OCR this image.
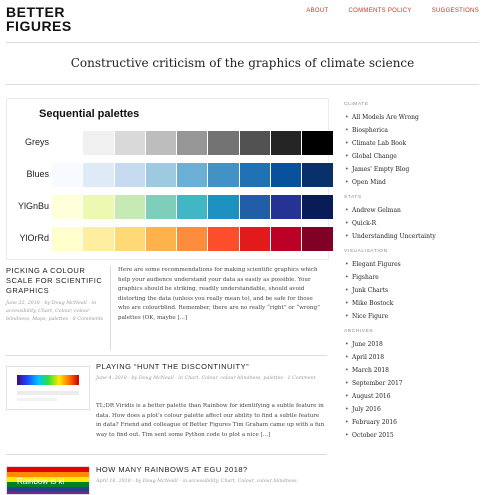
BETTER
FIGURES
ABOUT	COMMENTS POLICY	SUGGESTIONS
Constructive criticism of the graphics of climate science
Sequential palettes
Greys
Blues
YlGnBu
YlOrRd
PICKING A COLOUR SCALE FOR SCIENTIFIC GRAPHICS
June 22, 2018 - by Doug McNeall - in accessibility, Chart, Colour, colour blindness, Maps, palettes - 8 Comments
Here are some recommendations for making scientific graphics which help your audience understand your data as easily as possible. Your graphics should be striking, readily understandable, should avoid distorting the data (unless you really mean to), and be safe for those who are colourblind. Remember, there are no really “right” or “wrong” palettes (OK, maybe [...]
PLAYING “HUNT THE DISCONTINUITY”
June 4, 2018 - by Doug McNeall - in Chart, Colour, colour blindness, palettes - 1 Comment
TL;DR Viridis is a better palette than Rainbow for identifying a subtle feature in data. How does a plot’s colour palette affect our ability to find a subtle feature in data? Friend and colleague of Better Figures Tim Graham came up with a fun way to find out. Tim sent some Python code to plot a nice [...]
Rainbow is ki
HOW MANY RAINBOWS AT EGU 2018?
April 16, 2018 - by Doug McNeall - in accessibility, Chart, Colour, colour blindness,
CLIMATE
• All Models Are Wrong
• Biospherica
• Climate Lab Book
• Global Change
• James' Empty Blog
• Open Mind
STATS
• Andrew Gelman
• Quick-R
• Understanding Uncertainty
VISUALISATION
• Elegant Figures
• Figshare
• Junk Charts
• Mike Bostock
• Nice Figure
ARCHIVES
• June 2018
• April 2018
• March 2018
• September 2017
• August 2016
• July 2016
• February 2016
• October 2015
